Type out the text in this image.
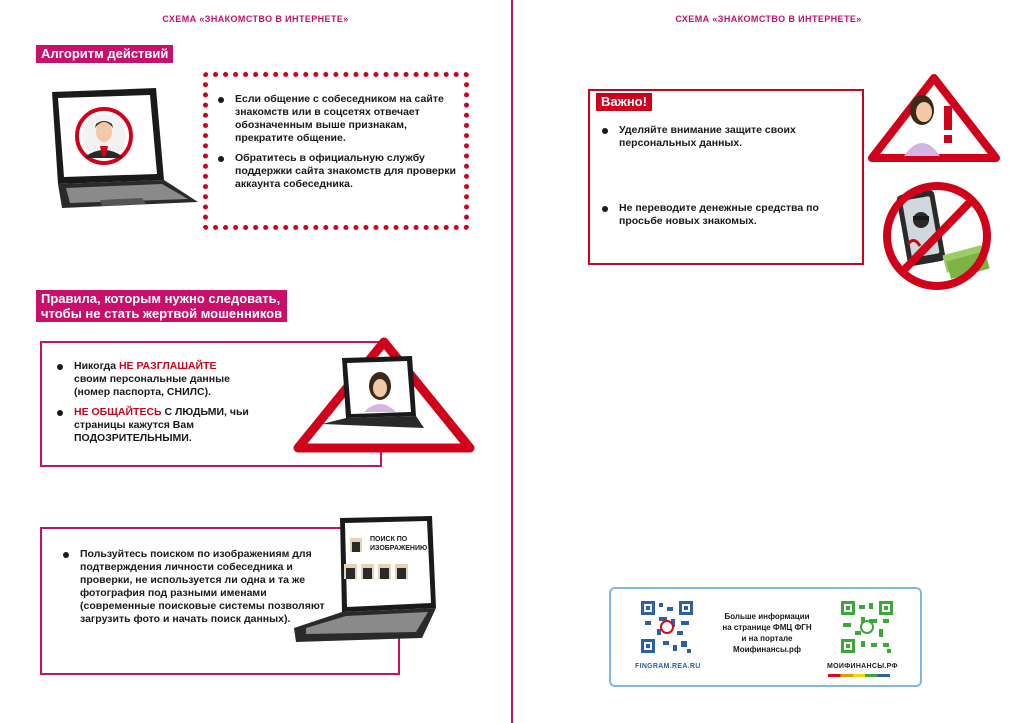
СХЕМА «ЗНАКОМСТВО В ИНТЕРНЕТЕ»	СХЕМА «ЗНАКОМСТВО В ИНТЕРНЕТЕ»
Алгоритм действий
Если общение с собеседником на сайте знакомств или в соцсетях отвечает обозначенным выше признакам, прекратите общение.
Обратитесь в официальную службу поддержки сайта знакомств для проверки аккаунта собеседника.
Правила, которым нужно следовать,
чтобы не стать жертвой мошенников
Никогда НЕ РАЗГЛАШАЙТЕ
своим персональные данные (номер паспорта, СНИЛС).
НЕ ОБЩАЙТЕСЬ С ЛЮДЬМИ, чьи страницы кажутся Вам ПОДОЗРИТЕЛЬНЫМИ.
Пользуйтесь поиском по изображениям для подтверждения личности собеседника и проверки, не используется ли одна и та же фотография под разными именами (современные поисковые системы позволяют загрузить фото и начать поиск данных).
ПОИСК ПО
ИЗОБРАЖЕНИЮ
Важно!
Уделяйте внимание защите своих персональных данных.
Не переводите денежные средства по просьбе новых знакомых.
FINGRAM.REA.RU
Больше информации
на странице ФМЦ ФГН
и на портале
Моифинансы.рф
МОИФИНАНСЫ.РФ
